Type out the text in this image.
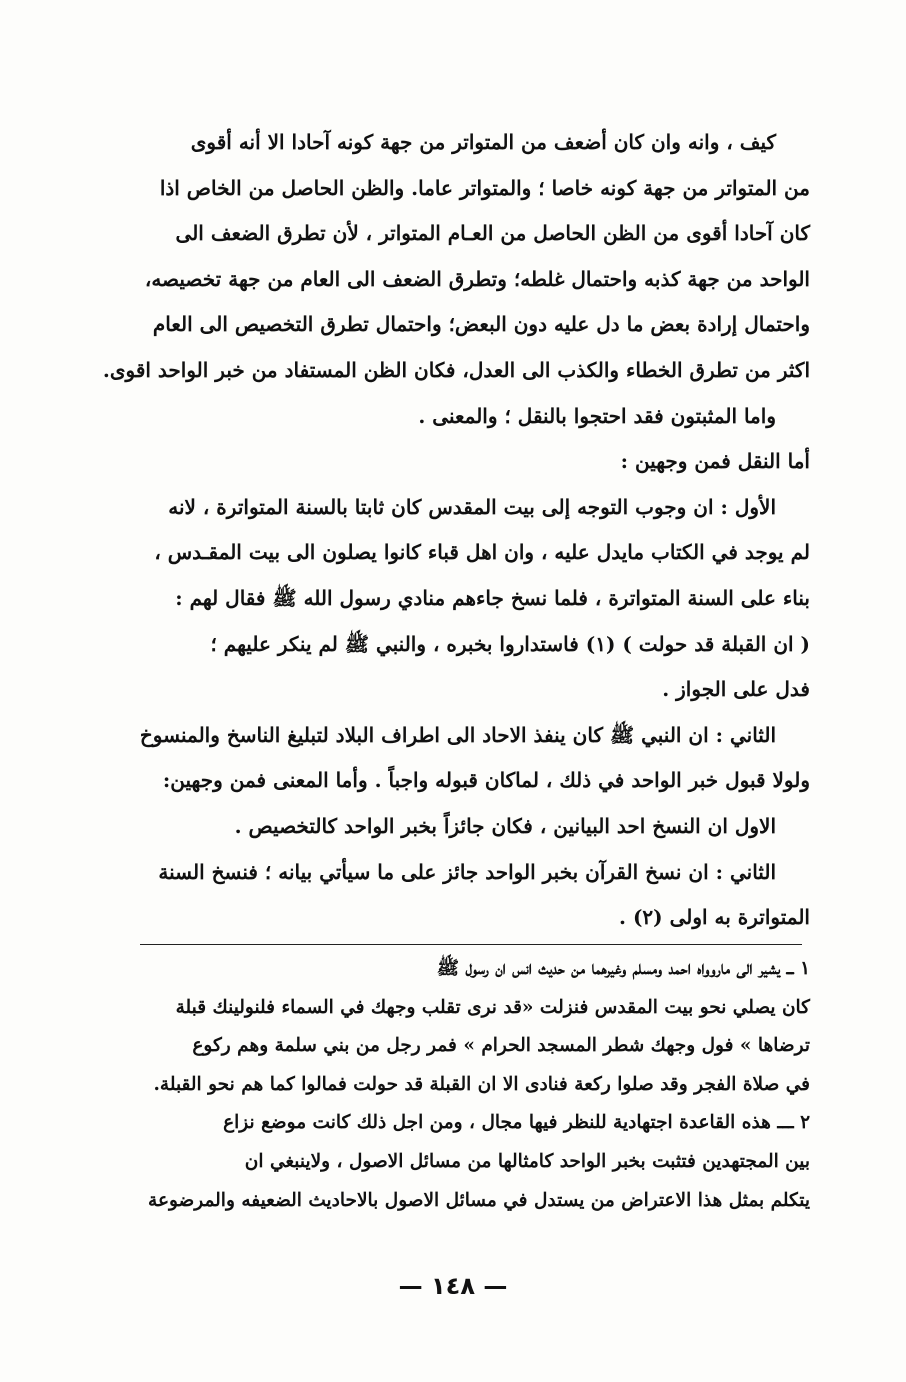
كيف ، وانه وان كان أضعف من المتواتر من جهة كونه آحادا الا أنه أقوى

من المتواتر من جهة كونه خاصا ؛ والمتواتر عاما. والظن الحاصل من الخاص اذا

كان آحادا أقوى من الظن الحاصل من العـام المتواتر ، لأن تطرق الضعف الى

الواحد من جهة كذبه واحتمال غلطه؛ وتطرق الضعف الى العام من جهة تخصيصه،

واحتمال إرادة بعض ما دل عليه دون البعض؛ واحتمال تطرق التخصيص الى العام

اكثر من تطرق الخطاء والكذب الى العدل، فكان الظن المستفاد من خبر الواحد اقوى.

واما المثبتون فقد احتجوا بالنقل ؛ والمعنى .

أما النقل فمن وجهين :

الأول : ان وجوب التوجه إلى بيت المقدس كان ثابتا بالسنة المتواترة ، لانه

لم يوجد في الكتاب مايدل عليه ، وان اهل قباء كانوا يصلون الى بيت المقـدس ،

بناء على السنة المتواترة ، فلما نسخ جاءهم منادي رسول الله ﷺ فقال لهم :

( ان القبلة قد حولت ) (١) فاستداروا بخبره ، والنبي ﷺ لم ينكر عليهم ؛

فدل على الجواز .

الثاني : ان النبي ﷺ كان ينفذ الاحاد الى اطراف البلاد لتبليغ الناسخ والمنسوخ

ولولا قبول خبر الواحد في ذلك ، لماكان قبوله واجباً . وأما المعنى فمن وجهين:

الاول ان النسخ احد البيانين ، فكان جائزاً بخبر الواحد كالتخصيص .

الثاني : ان نسخ القرآن بخبر الواحد جائز على ما سيأتي بيانه ؛ فنسخ السنة

المتواترة به اولى (٢) .

١ ـــ يشير الى ماروواه احمد ومسلم وغيرهما من حديث انس ان رسول ﷺ

كان يصلي نحو بيت المقدس فنزلت «قد نرى تقلب وجهك في السماء فلنولينك قبلة

ترضاها » فول وجهك شطر المسجد الحرام » فمر رجل من بني سلمة وهم ركوع

في صلاة الفجر وقد صلوا ركعة فنادى الا ان القبلة قد حولت فمالوا كما هم نحو القبلة.

٢ ـــ هذه القاعدة اجتهادية للنظر فيها مجال ، ومن اجل ذلك كانت موضع نزاع

بين المجتهدين فتثبت بخبر الواحد كامثالها من مسائل الاصول ، ولاينبغي ان

يتكلم بمثل هذا الاعتراض من يستدل في مسائل الاصول بالاحاديث الضعيفه والمرضوعة

— ١٤٨ —
